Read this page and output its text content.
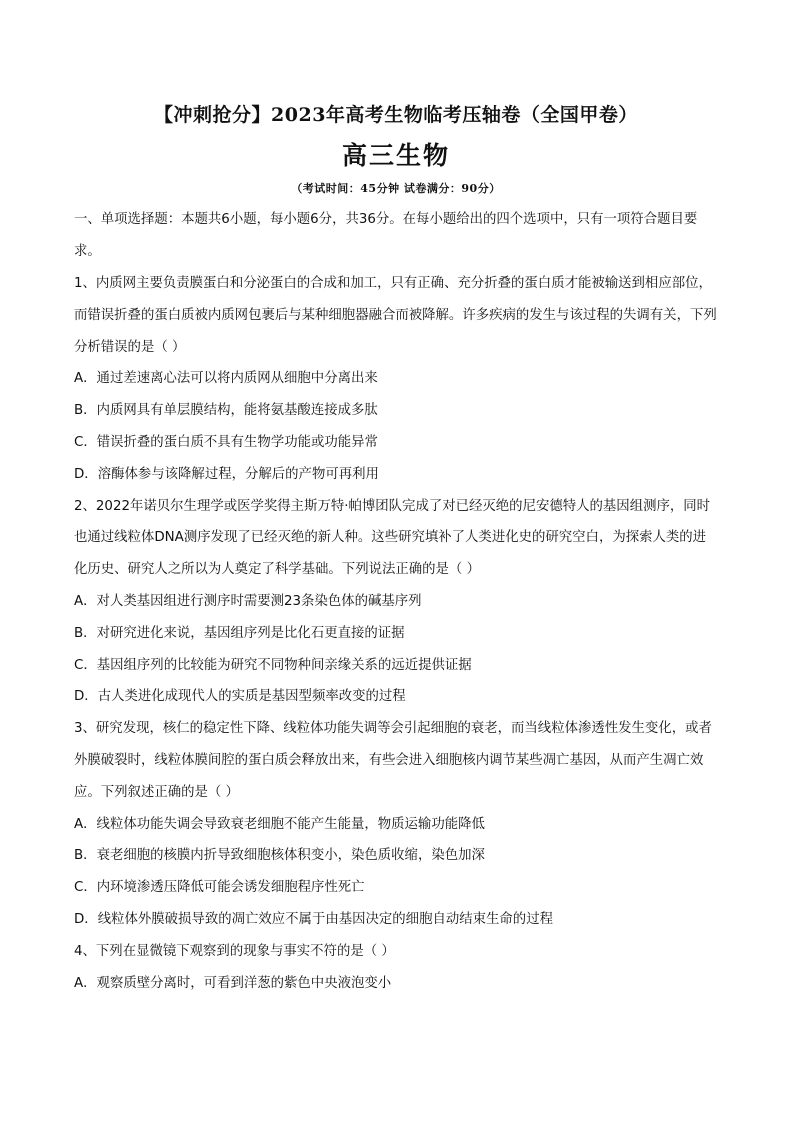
【冲刺抢分】2023年高考生物临考压轴卷（全国甲卷）
高三生物

（考试时间：45分钟 试卷满分：90分）

一、单项选择题：本题共6小题，每小题6分，共36分。在每小题给出的四个选项中，只有一项符合题目要求。

1、内质网主要负责膜蛋白和分泌蛋白的合成和加工，只有正确、充分折叠的蛋白质才能被输送到相应部位，而错误折叠的蛋白质被内质网包裹后与某种细胞器融合而被降解。许多疾病的发生与该过程的失调有关，下列分析错误的是（ ）

A．通过差速离心法可以将内质网从细胞中分离出来

B．内质网具有单层膜结构，能将氨基酸连接成多肽

C．错误折叠的蛋白质不具有生物学功能或功能异常

D．溶酶体参与该降解过程，分解后的产物可再利用

2、2022年诺贝尔生理学或医学奖得主斯万特·帕博团队完成了对已经灭绝的尼安德特人的基因组测序，同时也通过线粒体DNA测序发现了已经灭绝的新人种。这些研究填补了人类进化史的研究空白，为探索人类的进化历史、研究人之所以为人奠定了科学基础。下列说法正确的是（ ）

A．对人类基因组进行测序时需要测23条染色体的碱基序列

B．对研究进化来说，基因组序列是比化石更直接的证据

C．基因组序列的比较能为研究不同物种间亲缘关系的远近提供证据

D．古人类进化成现代人的实质是基因型频率改变的过程

3、研究发现，核仁的稳定性下降、线粒体功能失调等会引起细胞的衰老，而当线粒体渗透性发生变化，或者外膜破裂时，线粒体膜间腔的蛋白质会释放出来，有些会进入细胞核内调节某些凋亡基因，从而产生凋亡效应。下列叙述正确的是（ ）

A．线粒体功能失调会导致衰老细胞不能产生能量，物质运输功能降低

B．衰老细胞的核膜内折导致细胞核体积变小，染色质收缩，染色加深

C．内环境渗透压降低可能会诱发细胞程序性死亡

D．线粒体外膜破损导致的凋亡效应不属于由基因决定的细胞自动结束生命的过程

4、下列在显微镜下观察到的现象与事实不符的是（ ）

A．观察质壁分离时，可看到洋葱的紫色中央液泡变小
